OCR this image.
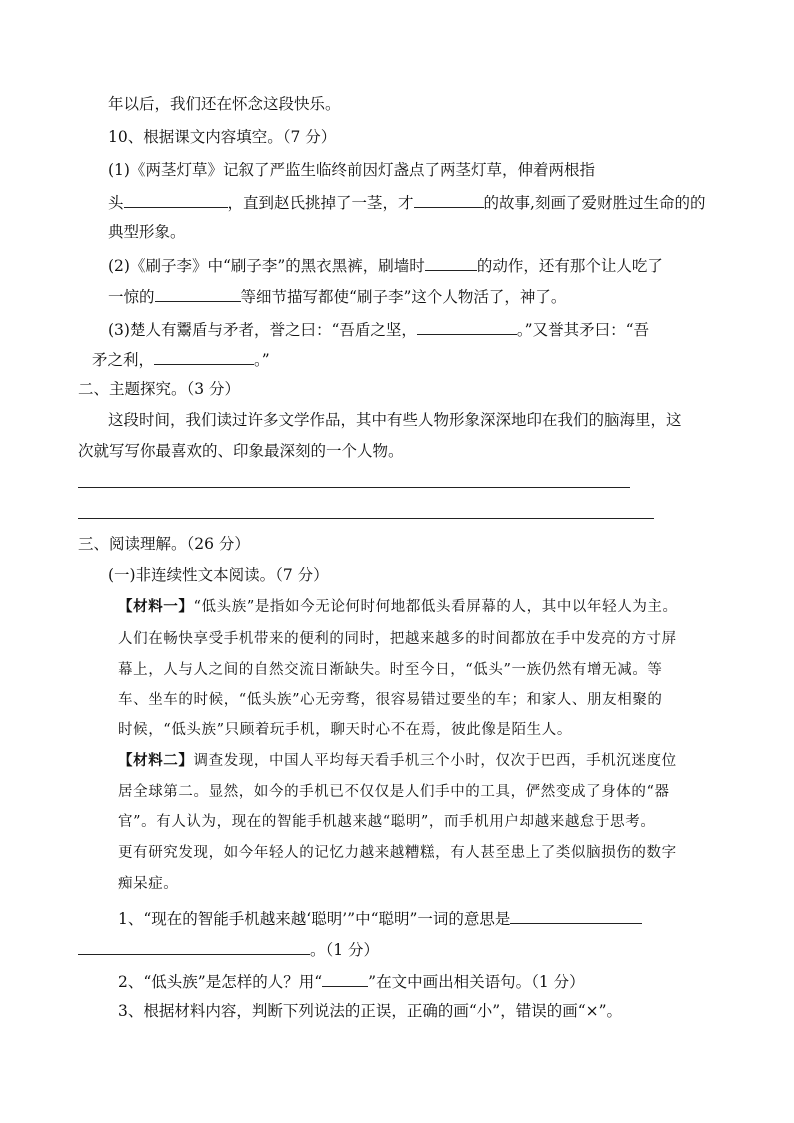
年以后，我们还在怀念这段快乐。
10、根据课文内容填空。（7 分）
(1)《两茎灯草》记叙了严监生临终前因灯盏点了两茎灯草，伸着两根指
头	，直到赵氏挑掉了一茎，才	的故事,刻画了爱财胜过生命的的
典型形象。
(2)《刷子李》中“刷子李”的黑衣黑裤，刷墙时	的动作，还有那个让人吃了
一惊的	等细节描写都使“刷子李”这个人物活了，神了。
(3)楚人有鬻盾与矛者，誉之曰：“吾盾之坚，	。”又誉其矛曰：“吾
矛之利，	。”
二、主题探究。（3 分）
这段时间，我们读过许多文学作品，其中有些人物形象深深地印在我们的脑海里，这
次就写写你最喜欢的、印象最深刻的一个人物。
三、阅读理解。（26 分）
(一)非连续性文本阅读。（7 分）
【材料一】“低头族”是指如今无论何时何地都低头看屏幕的人，其中以年轻人为主。
人们在畅快享受手机带来的便利的同时，把越来越多的时间都放在手中发亮的方寸屏
幕上，人与人之间的自然交流日渐缺失。时至今日，“低头”一族仍然有增无减。等
车、坐车的时候，“低头族”心无旁骛，很容易错过要坐的车；和家人、朋友相聚的
时候，“低头族”只顾着玩手机，聊天时心不在焉，彼此像是陌生人。
【材料二】调查发现，中国人平均每天看手机三个小时，仅次于巴西，手机沉迷度位
居全球第二。显然，如今的手机已不仅仅是人们手中的工具，俨然变成了身体的“器
官”。有人认为，现在的智能手机越来越“聪明”，而手机用户却越来越怠于思考。
更有研究发现，如今年轻人的记忆力越来越糟糕，有人甚至患上了类似脑损伤的数字
痴呆症。
1、“现在的智能手机越来越‘聪明’”中“聪明”一词的意思是
。（1 分）
2、“低头族”是怎样的人？用“	”在文中画出相关语句。（1 分）
3、根据材料内容，判断下列说法的正误，正确的画“小”，错误的画“×”。
